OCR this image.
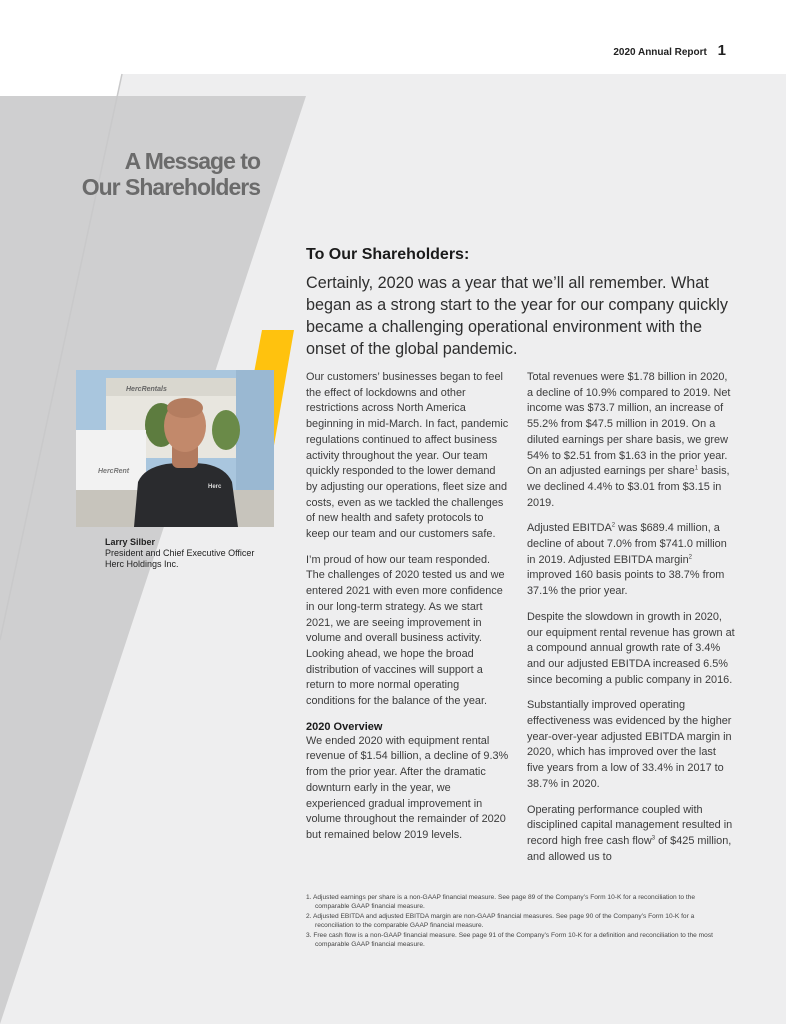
2020 Annual Report 1
A Message to
Our Shareholders
To Our Shareholders:
Certainly, 2020 was a year that we’ll all remember. What began as a strong start to the year for our company quickly became a challenging operational environment with the onset of the global pandemic.
HercRentals
HercRent
Herc
Larry Silber
President and Chief Executive Officer
Herc Holdings Inc.

Our customers’ businesses began to feel the effect of lockdowns and other restrictions across North America beginning in mid-March. In fact, pandemic regulations continued to affect business activity throughout the year. Our team quickly responded to the lower demand by adjusting our operations, fleet size and costs, even as we tackled the challenges of new health and safety protocols to keep our team and our customers safe.

I’m proud of how our team responded. The challenges of 2020 tested us and we entered 2021 with even more confidence in our long-term strategy. As we start 2021, we are seeing improvement in volume and overall business activity. Looking ahead, we hope the broad distribution of vaccines will support a return to more normal operating conditions for the balance of the year.

2020 Overview

We ended 2020 with equipment rental revenue of $1.54 billion, a decline of 9.3% from the prior year. After the dramatic downturn early in the year, we experienced gradual improvement in volume throughout the remainder of 2020 but remained below 2019 levels.

Total revenues were $1.78 billion in 2020, a decline of 10.9% compared to 2019. Net income was $73.7 million, an increase of 55.2% from $47.5 million in 2019. On a diluted earnings per share basis, we grew 54% to $2.51 from $1.63 in the prior year. On an adjusted earnings per share$^1$ basis, we declined 4.4% to $3.01 from $3.15 in 2019.

Adjusted EBITDA$^2$ was $689.4 million, a decline of about 7.0% from $741.0 million in 2019. Adjusted EBITDA margin$^2$ improved 160 basis points to 38.7% from 37.1% the prior year.

Despite the slowdown in growth in 2020, our equipment rental revenue has grown at a compound annual growth rate of 3.4% and our adjusted EBITDA increased 6.5% since becoming a public company in 2016.

Substantially improved operating effectiveness was evidenced by the higher year-over-year adjusted EBITDA margin in 2020, which has improved over the last five years from a low of 33.4% in 2017 to 38.7% in 2020.

Operating performance coupled with disciplined capital management resulted in record high free cash flow$^3$ of $425 million, and allowed us to

1. Adjusted earnings per share is a non-GAAP financial measure. See page 89 of the Company’s Form 10-K for a reconciliation to the comparable GAAP financial measure.
2. Adjusted EBITDA and adjusted EBITDA margin are non-GAAP financial measures. See page 90 of the Company’s Form 10-K for a reconciliation to the comparable GAAP financial measure.
3. Free cash flow is a non-GAAP financial measure. See page 91 of the Company’s Form 10-K for a definition and reconciliation to the most comparable GAAP financial measure.
